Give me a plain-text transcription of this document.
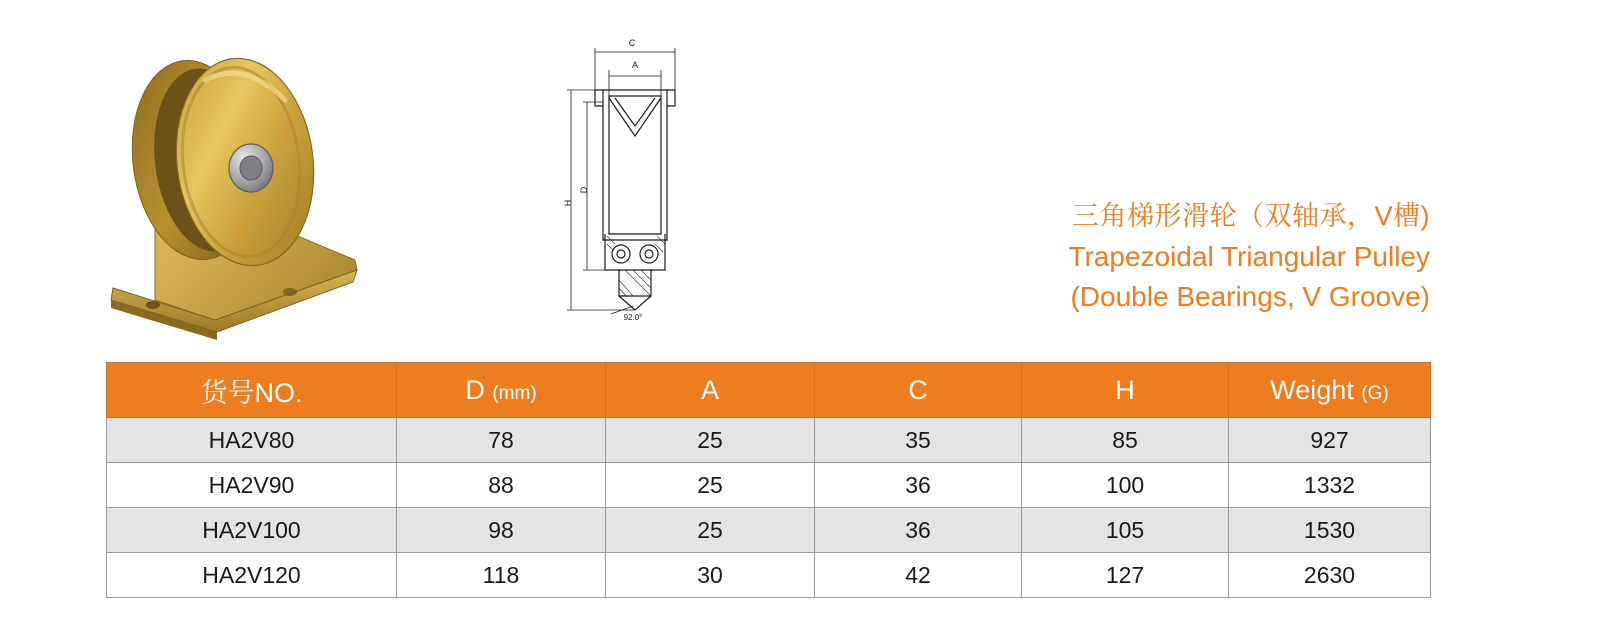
C
A
H
D
92.0°
三角梯形滑轮（双轴承，V槽)
Trapezoidal Triangular Pulley
(Double Bearings, V Groove)
货号NO.	D (mm)	A	C	H	Weight (G)
HA2V80	78	25	35	85	927
HA2V90	88	25	36	100	1332
HA2V100	98	25	36	105	1530
HA2V120	118	30	42	127	2630
